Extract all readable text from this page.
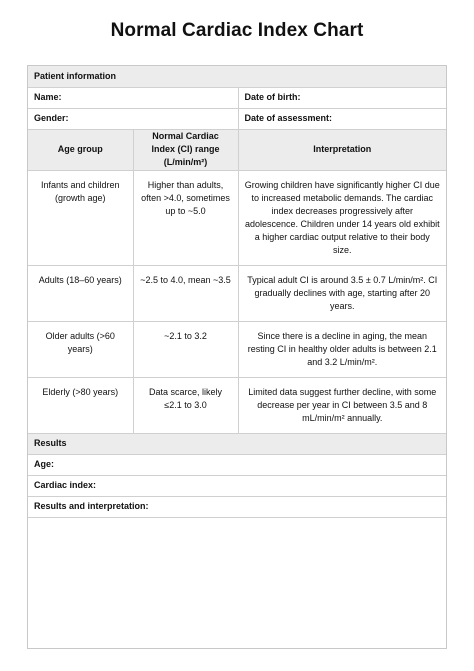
Normal Cardiac Index Chart
Patient information		
Name:		Date of birth:
Gender:		Date of assessment:
Age group	Normal Cardiac Index (CI) range (L/min/m²)	Interpretation
Infants and children (growth age)	Higher than adults, often >4.0, sometimes up to ~5.0	Growing children have significantly higher CI due to increased metabolic demands. The cardiac index decreases progressively after adolescence. Children under 14 years old exhibit a higher cardiac output relative to their body size.
Adults (18–60 years)	~2.5 to 4.0, mean ~3.5	Typical adult CI is around 3.5 ± 0.7 L/min/m². CI gradually declines with age, starting after 20 years.
Older adults (>60 years)	~2.1 to 3.2	Since there is a decline in aging, the mean resting CI in healthy older adults is between 2.1 and 3.2 L/min/m².
Elderly (>80 years)	Data scarce, likely ≤2.1 to 3.0	Limited data suggest further decline, with some decrease per year in CI between 3.5 and 8 mL/min/m² annually.
Results		
Age:		
Cardiac index:		
Results and interpretation:		
